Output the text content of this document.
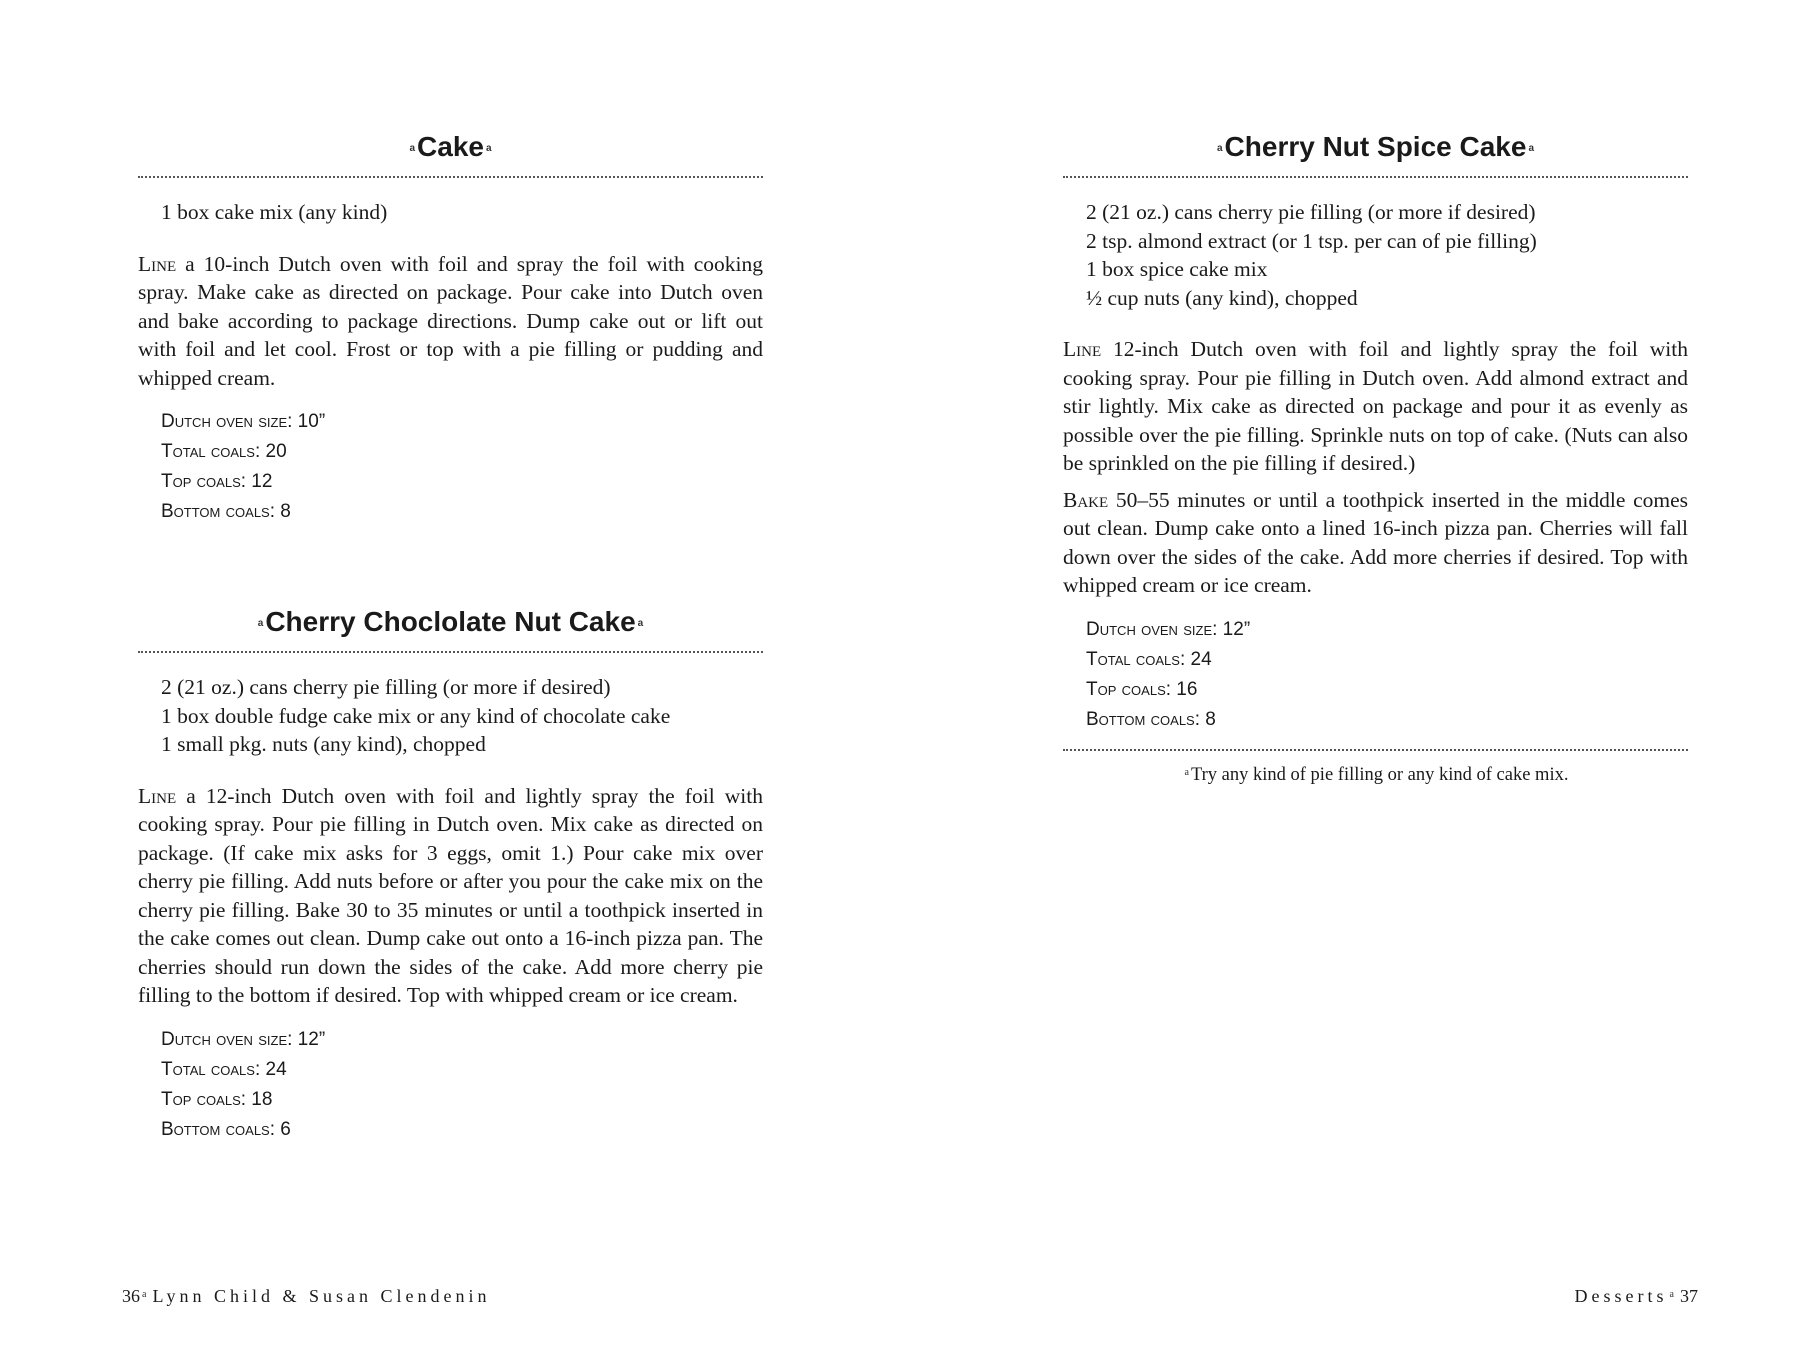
aCake a
1 box cake mix (any kind)

Line a 10-inch Dutch oven with foil and spray the foil with cooking spray. Make cake as directed on package. Pour cake into Dutch oven and bake according to package directions. Dump cake out or lift out with foil and let cool. Frost or top with a pie filling or pudding and whipped cream.

Dutch oven size: 10”
Total coals: 20
Top coals: 12
Bottom coals: 8
aCherry Choclolate Nut Cake a
2 (21 oz.) cans cherry pie filling (or more if desired)
1 box double fudge cake mix or any kind of chocolate cake
1 small pkg. nuts (any kind), chopped

Line a 12-inch Dutch oven with foil and lightly spray the foil with cooking spray. Pour pie filling in Dutch oven. Mix cake as directed on package. (If cake mix asks for 3 eggs, omit 1.) Pour cake mix over cherry pie filling. Add nuts before or after you pour the cake mix on the cherry pie filling. Bake 30 to 35 minutes or until a toothpick inserted in the cake comes out clean. Dump cake out onto a 16-inch pizza pan. The cherries should run down the sides of the cake. Add more cherry pie filling to the bottom if desired. Top with whipped cream or ice cream.

Dutch oven size: 12”
Total coals: 24
Top coals: 18
Bottom coals: 6
36 $^a$ Lynn Child & Susan Clendenin
aCherry Nut Spice Cake a
2 (21 oz.) cans cherry pie filling (or more if desired)
2 tsp. almond extract (or 1 tsp. per can of pie filling)
1 box spice cake mix
½ cup nuts (any kind), chopped

Line 12-inch Dutch oven with foil and lightly spray the foil with cooking spray. Pour pie filling in Dutch oven. Add almond extract and stir lightly. Mix cake as directed on package and pour it as evenly as possible over the pie filling. Sprinkle nuts on top of cake. (Nuts can also be sprinkled on the pie filling if desired.)

Bake 50–55 minutes or until a toothpick inserted in the middle comes out clean. Dump cake onto a lined 16-inch pizza pan. Cherries will fall down over the sides of the cake. Add more cherries if desired. Top with whipped cream or ice cream.

Dutch oven size: 12”
Total coals: 24
Top coals: 16
Bottom coals: 8
$^a$ Try any kind of pie filling or any kind of cake mix.
Desserts $^a$ 37
